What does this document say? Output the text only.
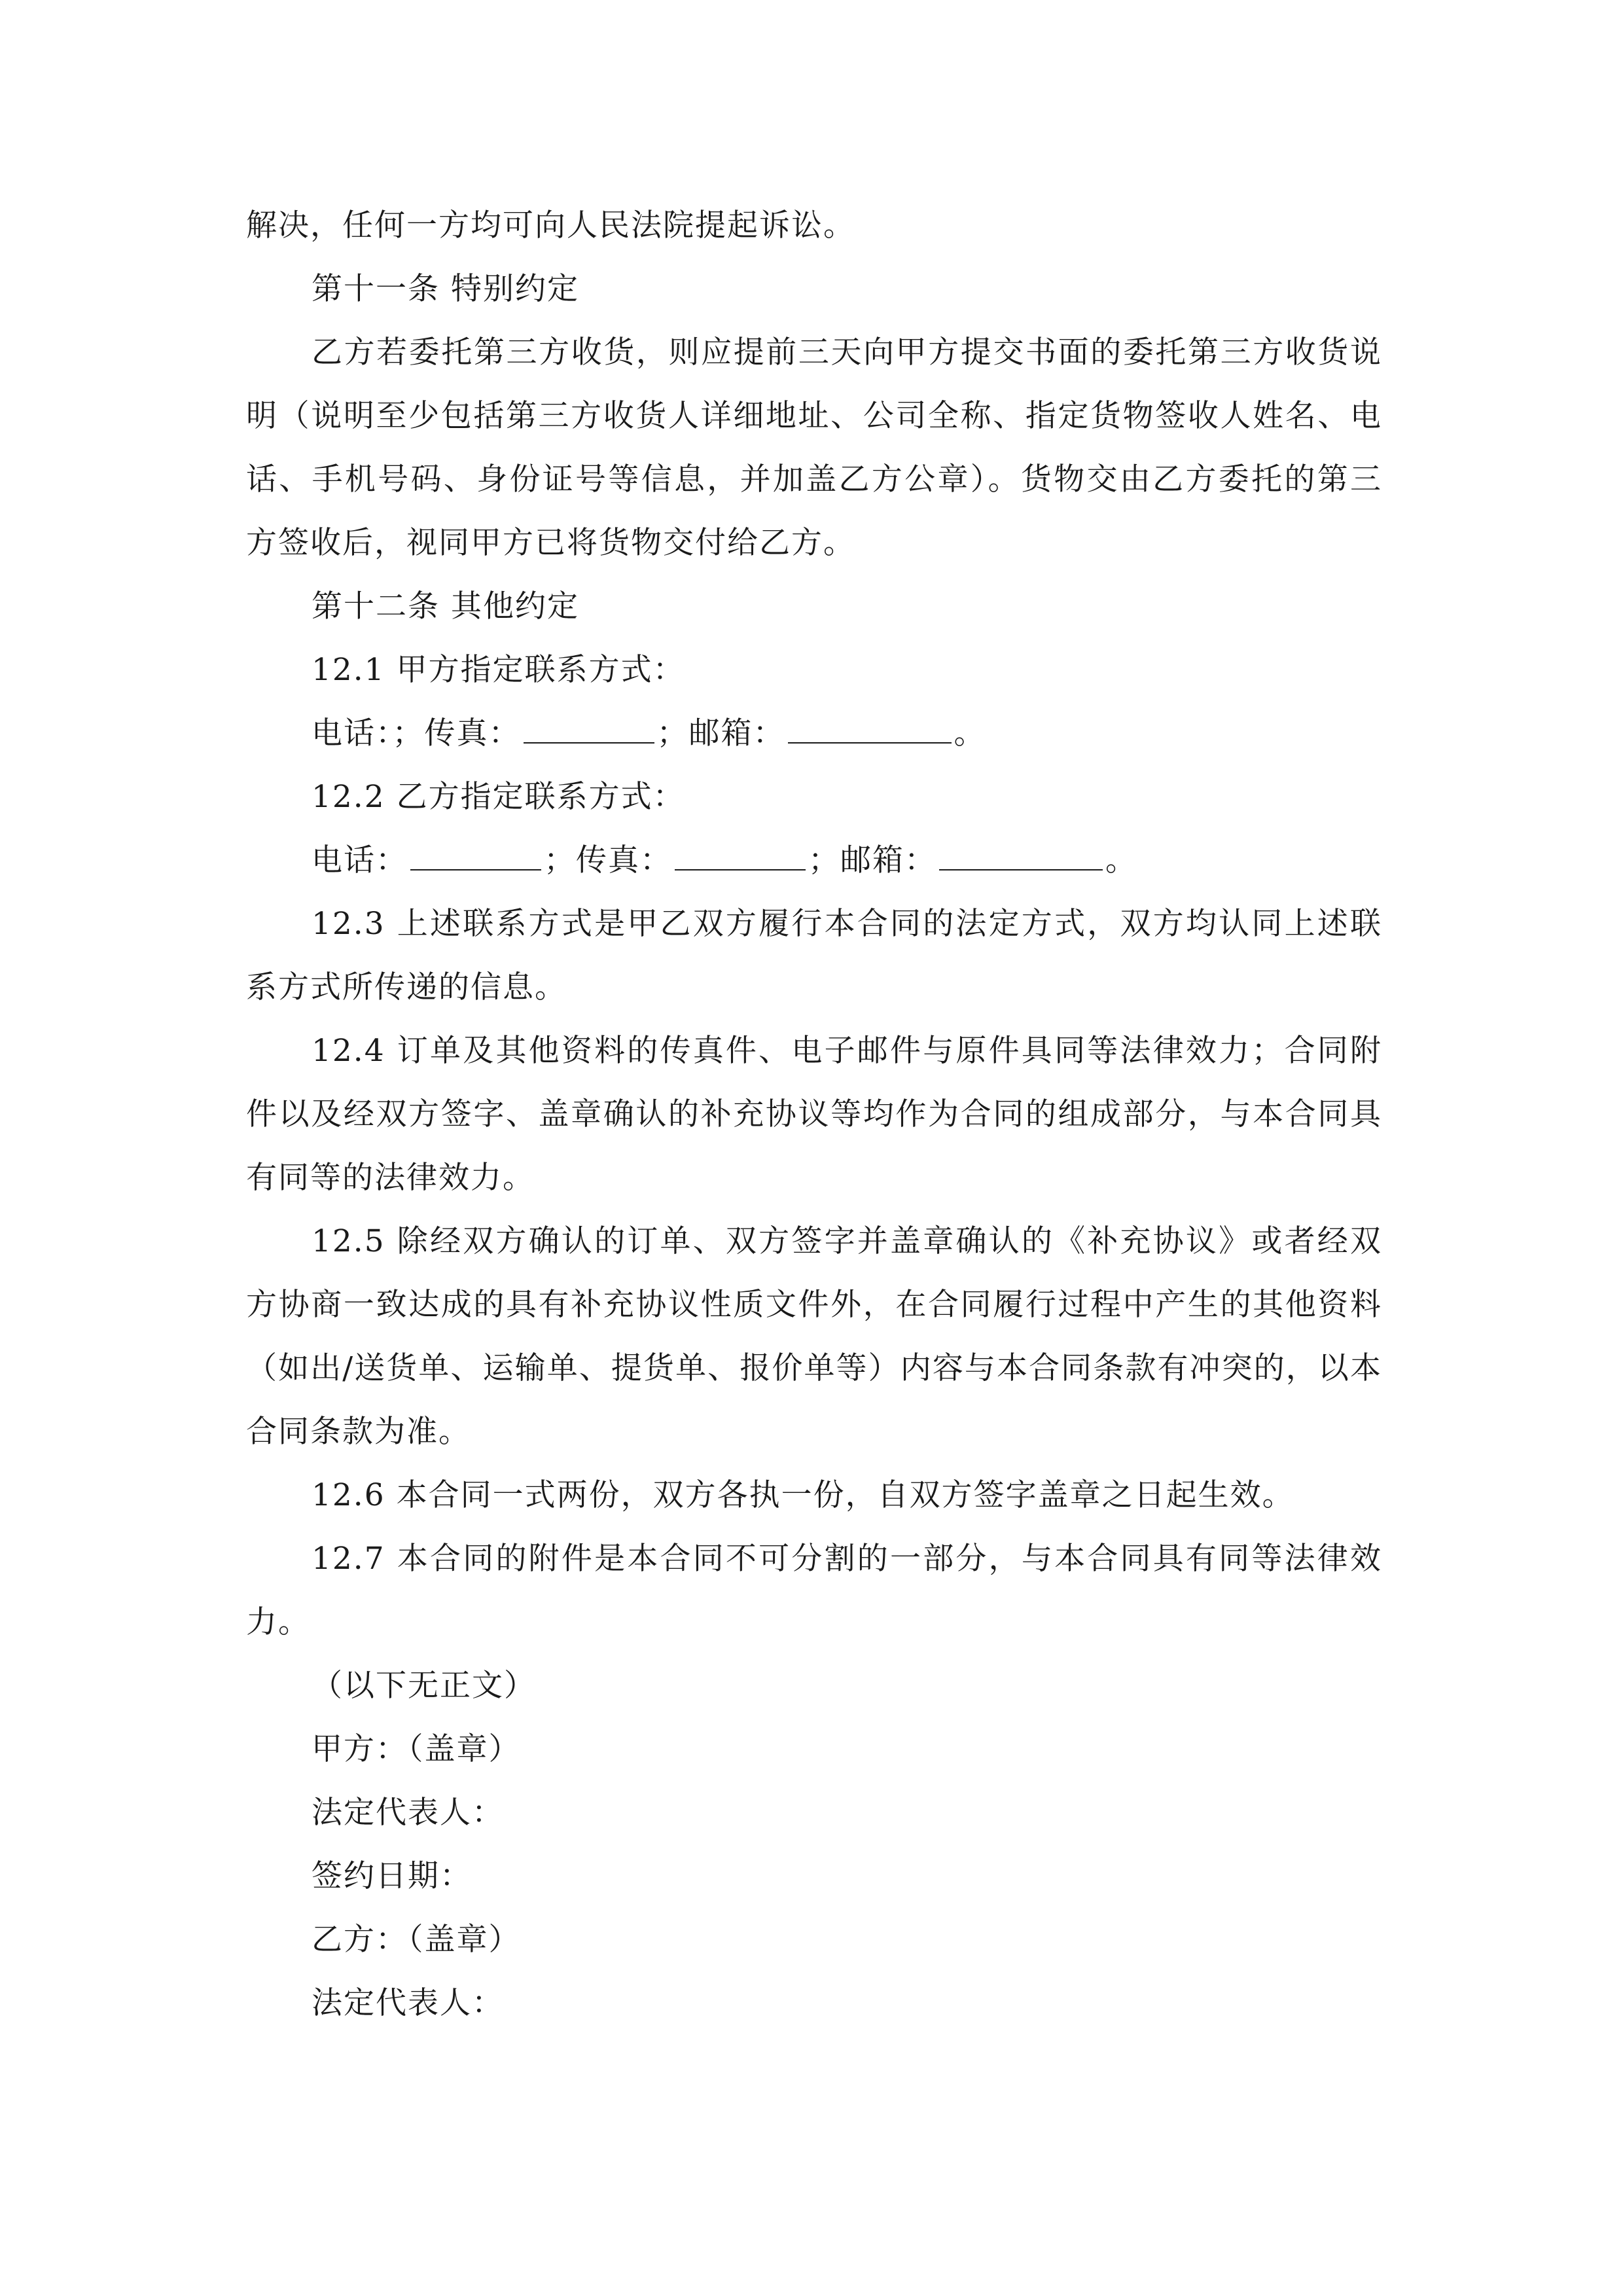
解决，任何一方均可向人民法院提起诉讼。

第十一条 特别约定

乙方若委托第三方收货，则应提前三天向甲方提交书面的委托第三方收货说明（说明至少包括第三方收货人详细地址、公司全称、指定货物签收人姓名、电话、手机号码、身份证号等信息，并加盖乙方公章）。货物交由乙方委托的第三方签收后，视同甲方已将货物交付给乙方。

第十二条 其他约定

12.1 甲方指定联系方式：

电话：；传真：	；邮箱：	。

12.2 乙方指定联系方式：

电话：	；传真：	；邮箱：	。

12.3 上述联系方式是甲乙双方履行本合同的法定方式，双方均认同上述联系方式所传递的信息。

12.4 订单及其他资料的传真件、电子邮件与原件具同等法律效力；合同附件以及经双方签字、盖章确认的补充协议等均作为合同的组成部分，与本合同具有同等的法律效力。

12.5 除经双方确认的订单、双方签字并盖章确认的《补充协议》或者经双方协商一致达成的具有补充协议性质文件外，在合同履行过程中产生的其他资料（如出/送货单、运输单、提货单、报价单等）内容与本合同条款有冲突的，以本合同条款为准。

12.6 本合同一式两份，双方各执一份，自双方签字盖章之日起生效。

12.7 本合同的附件是本合同不可分割的一部分，与本合同具有同等法律效力。

（以下无正文）

甲方：（盖章）

法定代表人：

签约日期：

乙方：（盖章）

法定代表人：
